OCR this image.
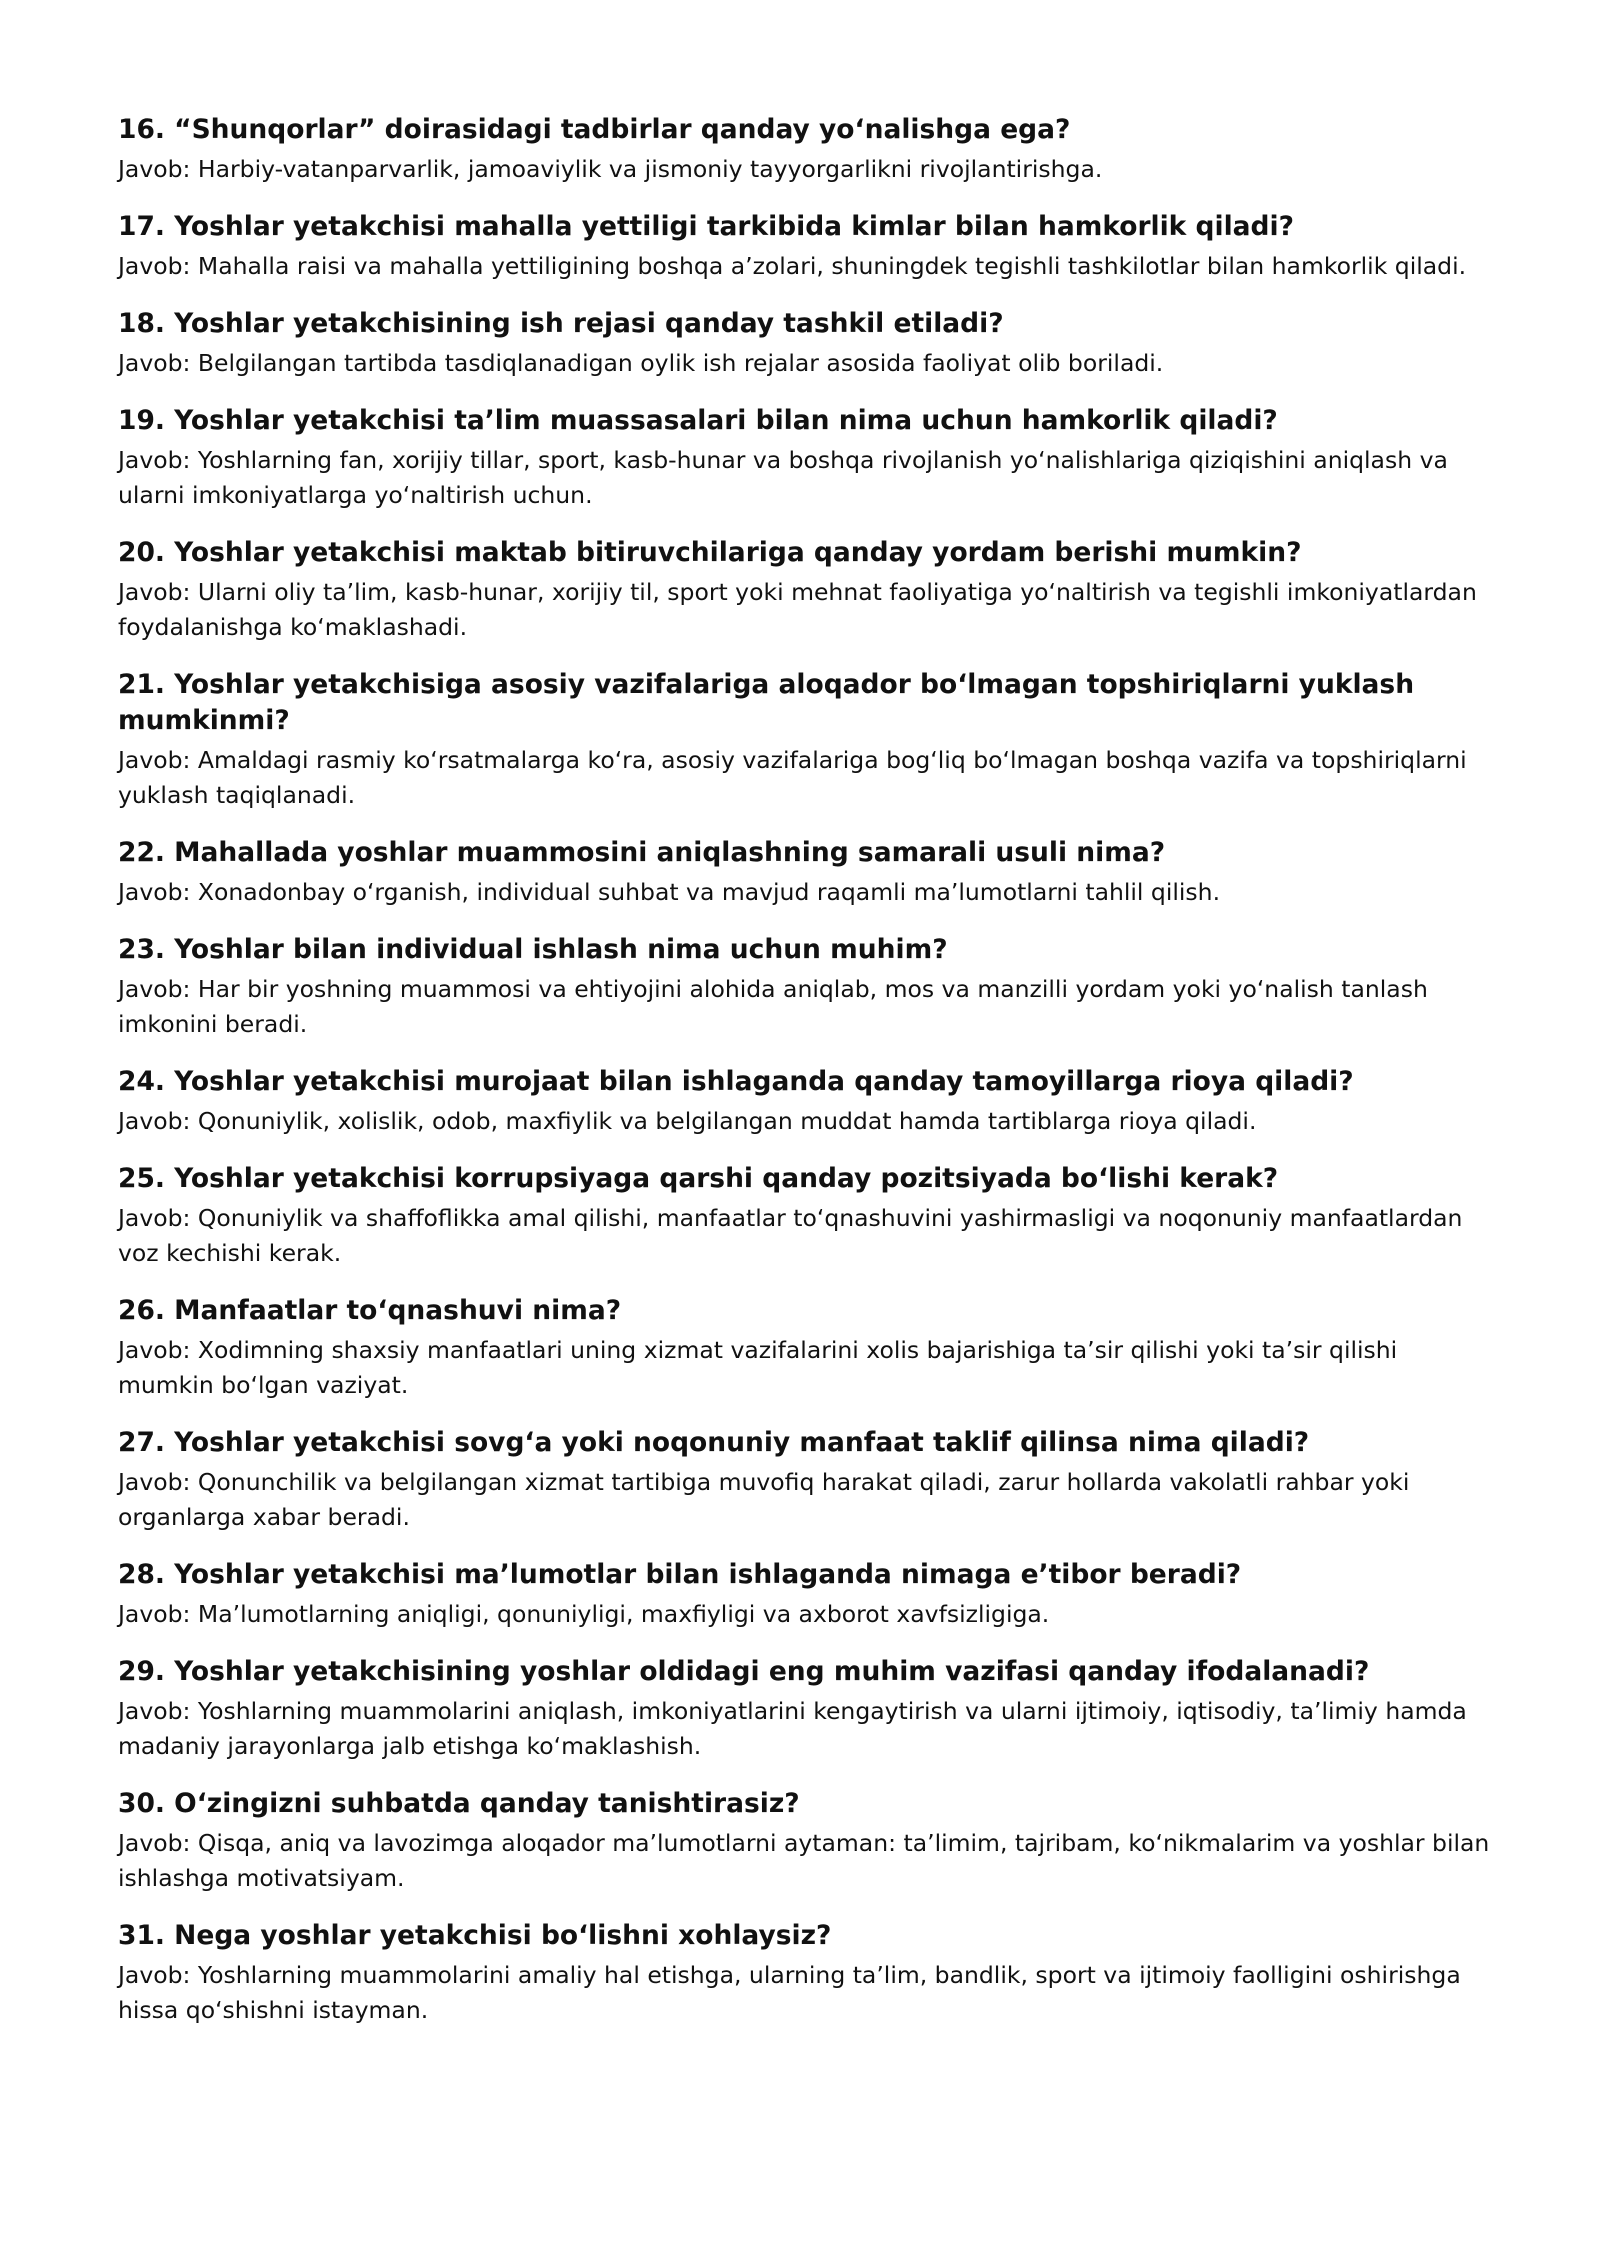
16. “Shunqorlar” doirasidagi tadbirlar qanday yo‘nalishga ega?
Javob: Harbiy-vatanparvarlik, jamoaviylik va jismoniy tayyorgarlikni rivojlantirishga.
17. Yoshlar yetakchisi mahalla yettiligi tarkibida kimlar bilan hamkorlik qiladi?
Javob: Mahalla raisi va mahalla yettiligining boshqa a’zolari, shuningdek tegishli tashkilotlar bilan hamkorlik qiladi.
18. Yoshlar yetakchisining ish rejasi qanday tashkil etiladi?
Javob: Belgilangan tartibda tasdiqlanadigan oylik ish rejalar asosida faoliyat olib boriladi.
19. Yoshlar yetakchisi ta’lim muassasalari bilan nima uchun hamkorlik qiladi?
Javob: Yoshlarning fan, xorijiy tillar, sport, kasb-hunar va boshqa rivojlanish yo‘nalishlariga qiziqishini aniqlash va ularni imkoniyatlarga yo‘naltirish uchun.
20. Yoshlar yetakchisi maktab bitiruvchilariga qanday yordam berishi mumkin?
Javob: Ularni oliy ta’lim, kasb-hunar, xorijiy til, sport yoki mehnat faoliyatiga yo‘naltirish va tegishli imkoniyatlardan foydalanishga ko‘maklashadi.
21. Yoshlar yetakchisiga asosiy vazifalariga aloqador bo‘lmagan topshiriqlarni yuklash mumkinmi?
Javob: Amaldagi rasmiy ko‘rsatmalarga ko‘ra, asosiy vazifalariga bog‘liq bo‘lmagan boshqa vazifa va topshiriqlarni yuklash taqiqlanadi.
22. Mahallada yoshlar muammosini aniqlashning samarali usuli nima?
Javob: Xonadonbay o‘rganish, individual suhbat va mavjud raqamli ma’lumotlarni tahlil qilish.
23. Yoshlar bilan individual ishlash nima uchun muhim?
Javob: Har bir yoshning muammosi va ehtiyojini alohida aniqlab, mos va manzilli yordam yoki yo‘nalish tanlash imkonini beradi.
24. Yoshlar yetakchisi murojaat bilan ishlaganda qanday tamoyillarga rioya qiladi?
Javob: Qonuniylik, xolislik, odob, maxfiylik va belgilangan muddat hamda tartiblarga rioya qiladi.
25. Yoshlar yetakchisi korrupsiyaga qarshi qanday pozitsiyada bo‘lishi kerak?
Javob: Qonuniylik va shaffoflikka amal qilishi, manfaatlar to‘qnashuvini yashirmasligi va noqonuniy manfaatlardan voz kechishi kerak.
26. Manfaatlar to‘qnashuvi nima?
Javob: Xodimning shaxsiy manfaatlari uning xizmat vazifalarini xolis bajarishiga ta’sir qilishi yoki ta’sir qilishi mumkin bo‘lgan vaziyat.
27. Yoshlar yetakchisi sovg‘a yoki noqonuniy manfaat taklif qilinsa nima qiladi?
Javob: Qonunchilik va belgilangan xizmat tartibiga muvofiq harakat qiladi, zarur hollarda vakolatli rahbar yoki organlarga xabar beradi.
28. Yoshlar yetakchisi ma’lumotlar bilan ishlaganda nimaga e’tibor beradi?
Javob: Ma’lumotlarning aniqligi, qonuniyligi, maxfiyligi va axborot xavfsizligiga.
29. Yoshlar yetakchisining yoshlar oldidagi eng muhim vazifasi qanday ifodalanadi?
Javob: Yoshlarning muammolarini aniqlash, imkoniyatlarini kengaytirish va ularni ijtimoiy, iqtisodiy, ta’limiy hamda madaniy jarayonlarga jalb etishga ko‘maklashish.
30. O‘zingizni suhbatda qanday tanishtirasiz?
Javob: Qisqa, aniq va lavozimga aloqador ma’lumotlarni aytaman: ta’limim, tajribam, ko‘nikmalarim va yoshlar bilan ishlashga motivatsiyam.
31. Nega yoshlar yetakchisi bo‘lishni xohlaysiz?
Javob: Yoshlarning muammolarini amaliy hal etishga, ularning ta’lim, bandlik, sport va ijtimoiy faolligini oshirishga hissa qo‘shishni istayman.
